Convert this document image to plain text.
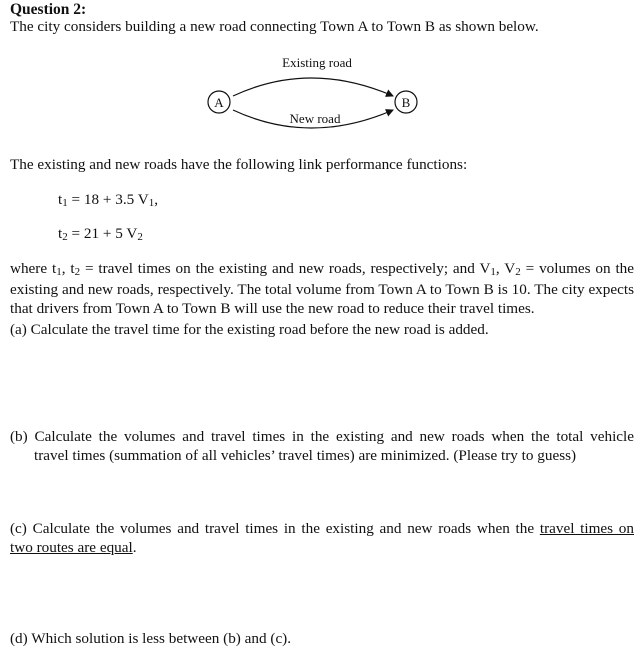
Question 2:
The city considers building a new road connecting Town A to Town B as shown below.
A	B
Existing road
New road
The existing and new roads have the following link performance functions:
t1 = 18 + 3.5 V1,
t2 = 21 + 5 V2
where t1, t2 = travel times on the existing and new roads, respectively; and V1, V2 = volumes on the existing and new roads, respectively. The total volume from Town A to Town B is 10. The city expects that drivers from Town A to Town B will use the new road to reduce their travel times.
(a) Calculate the travel time for the existing road before the new road is added.
(b) Calculate the volumes and travel times in the existing and new roads when the total vehicle
travel times (summation of all vehicles’ travel times) are minimized. (Please try to guess)
(c) Calculate the volumes and travel times in the existing and new roads when the travel times on
two routes are equal.
(d) Which solution is less between (b) and (c).
